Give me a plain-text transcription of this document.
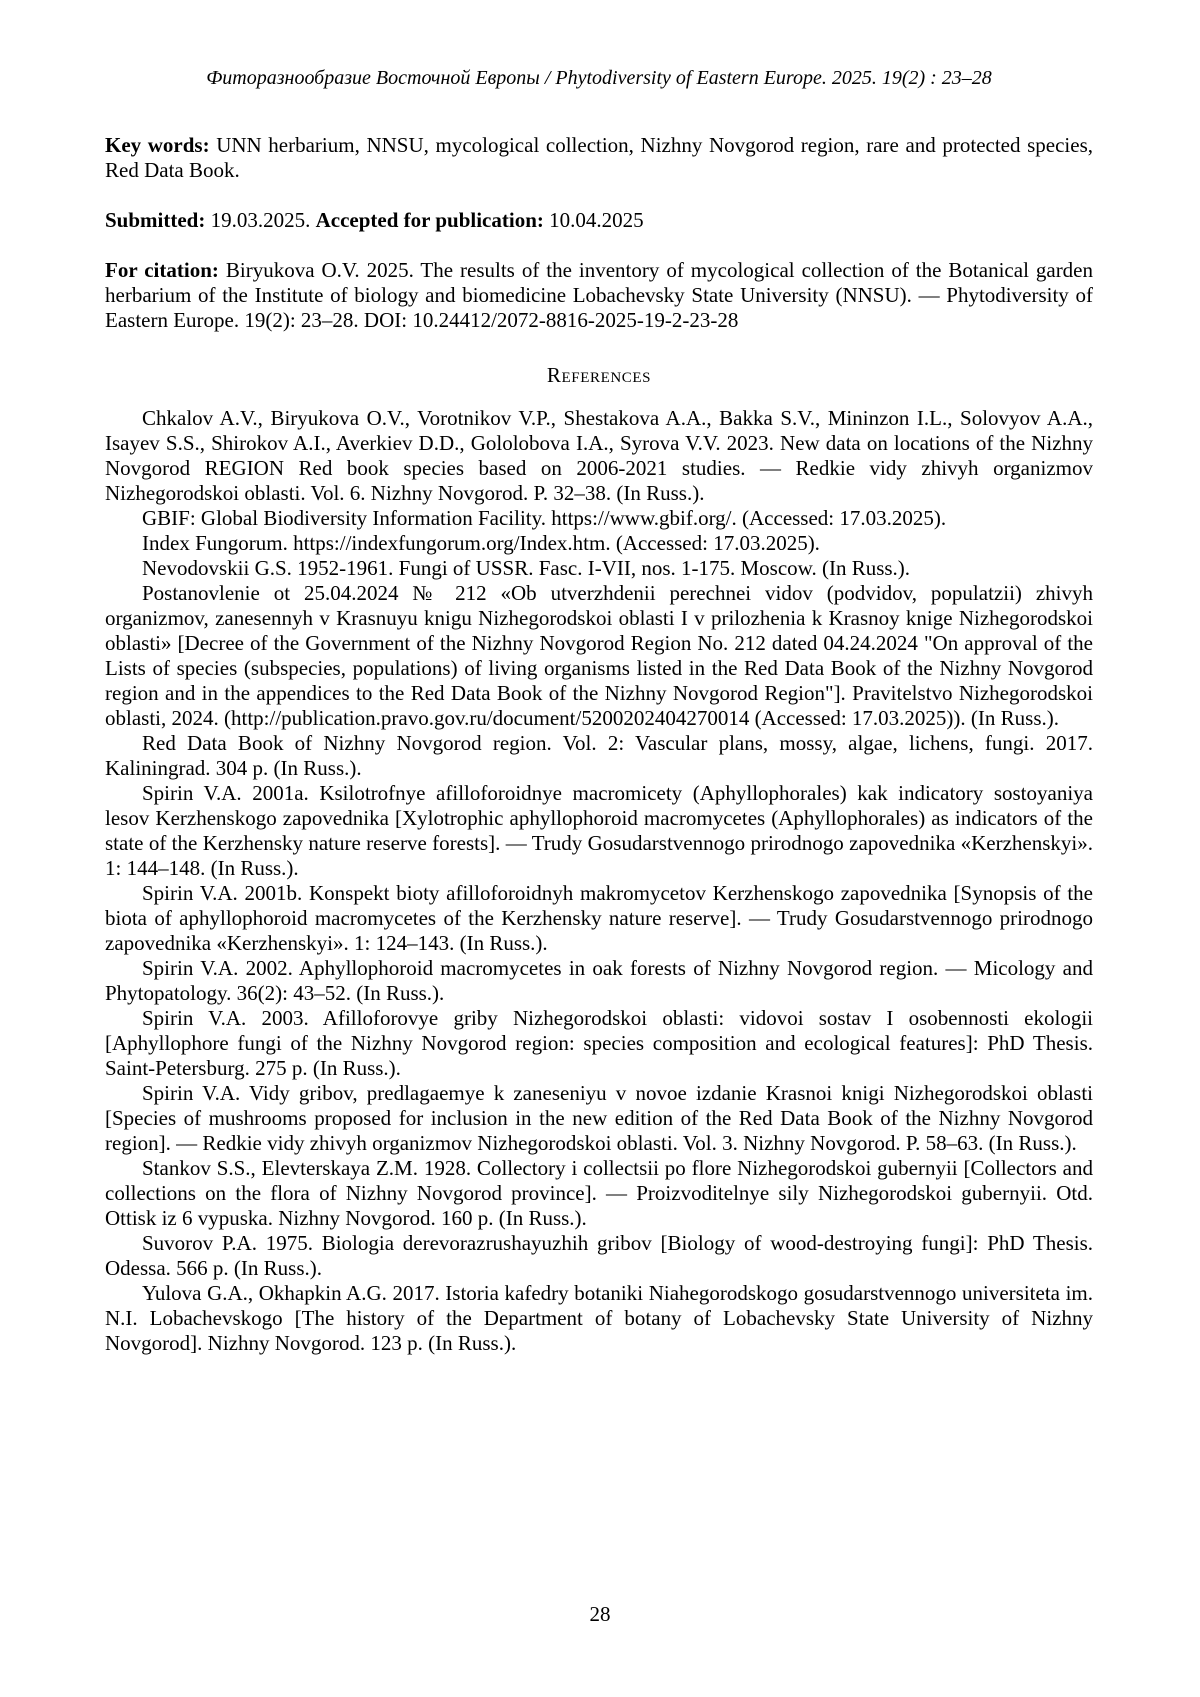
Фиторазнообразие Восточной Европы / Phytodiversity of Eastern Europe. 2025. 19(2) : 23–28

Key words: UNN herbarium, NNSU, mycological collection, Nizhny Novgorod region, rare and protected species, Red Data Book.

Submitted: 19.03.2025. Accepted for publication: 10.04.2025

For citation: Biryukova O.V. 2025. The results of the inventory of mycological collection of the Botanical garden herbarium of the Institute of biology and biomedicine Lobachevsky State University (NNSU). — Phytodiversity of Eastern Europe. 19(2): 23–28. DOI: 10.24412/2072-8816-2025-19-2-23-28

References

Chkalov A.V., Biryukova O.V., Vorotnikov V.P., Shestakova A.A., Bakka S.V., Mininzon I.L., Solovyov A.A., Isayev S.S., Shirokov A.I., Averkiev D.D., Gololobova I.A., Syrova V.V. 2023. New data on locations of the Nizhny Novgorod REGION Red book species based on 2006-2021 studies. — Redkie vidy zhivyh organizmov Nizhegorodskoi oblasti. Vol. 6. Nizhny Novgorod. P. 32–38. (In Russ.).

GBIF: Global Biodiversity Information Facility. https://www.gbif.org/. (Accessed: 17.03.2025).

Index Fungorum. https://indexfungorum.org/Index.htm. (Accessed: 17.03.2025).

Nevodovskii G.S. 1952-1961. Fungi of USSR. Fasc. I-VII, nos. 1-175. Moscow. (In Russ.).

Postanovlenie ot 25.04.2024 № 212 «Ob utverzhdenii perechnei vidov (podvidov, populatzii) zhivyh organizmov, zanesennyh v Krasnuyu knigu Nizhegorodskoi oblasti I v prilozhenia k Krasnoy knige Nizhegorodskoi oblasti» [Decree of the Government of the Nizhny Novgorod Region No. 212 dated 04.24.2024 "On approval of the Lists of species (subspecies, populations) of living organisms listed in the Red Data Book of the Nizhny Novgorod region and in the appendices to the Red Data Book of the Nizhny Novgorod Region"]. Pravitelstvo Nizhegorodskoi oblasti, 2024. (http://publication.pravo.gov.ru/document/5200202404270014 (Accessed: 17.03.2025)). (In Russ.).

Red Data Book of Nizhny Novgorod region. Vol. 2: Vascular plans, mossy, algae, lichens, fungi. 2017. Kaliningrad. 304 p. (In Russ.).

Spirin V.A. 2001a. Ksilotrofnye afilloforoidnye macromicety (Aphyllophorales) kak indicatory sostoyaniya lesov Kerzhenskogo zapovednika [Xylotrophic aphyllophoroid macromycetes (Aphyllophorales) as indicators of the state of the Kerzhensky nature reserve forests]. — Trudy Gosudarstvennogo prirodnogo zapovednika «Kerzhenskyi». 1: 144–148. (In Russ.).

Spirin V.A. 2001b. Konspekt bioty afilloforoidnyh makromycetov Kerzhenskogo zapovednika [Synopsis of the biota of aphyllophoroid macromycetes of the Kerzhensky nature reserve]. — Trudy Gosudarstvennogo prirodnogo zapovednika «Kerzhenskyi». 1: 124–143. (In Russ.).

Spirin V.A. 2002. Aphyllophoroid macromycetes in oak forests of Nizhny Novgorod region. — Micology and Phytopatology. 36(2): 43–52. (In Russ.).

Spirin V.A. 2003. Afilloforovye griby Nizhegorodskoi oblasti: vidovoi sostav I osobennosti ekologii [Aphyllophore fungi of the Nizhny Novgorod region: species composition and ecological features]: PhD Thesis. Saint-Petersburg. 275 p. (In Russ.).

Spirin V.A. Vidy gribov, predlagaemye k zaneseniyu v novoe izdanie Krasnoi knigi Nizhegorodskoi oblasti [Species of mushrooms proposed for inclusion in the new edition of the Red Data Book of the Nizhny Novgorod region]. — Redkie vidy zhivyh organizmov Nizhegorodskoi oblasti. Vol. 3. Nizhny Novgorod. P. 58–63. (In Russ.).

Stankov S.S., Elevterskaya Z.M. 1928. Collectory i collectsii po flore Nizhegorodskoi gubernyii [Collectors and collections on the flora of Nizhny Novgorod province]. — Proizvoditelnye sily Nizhegorodskoi gubernyii. Otd. Ottisk iz 6 vypuska. Nizhny Novgorod. 160 p. (In Russ.).

Suvorov P.A. 1975. Biologia derevorazrushayuzhih gribov [Biology of wood-destroying fungi]: PhD Thesis. Odessa. 566 p. (In Russ.).

Yulova G.A., Okhapkin A.G. 2017. Istoria kafedry botaniki Niahegorodskogo gosudarstvennogo universiteta im. N.I. Lobachevskogo [The history of the Department of botany of Lobachevsky State University of Nizhny Novgorod]. Nizhny Novgorod. 123 p. (In Russ.).

28
